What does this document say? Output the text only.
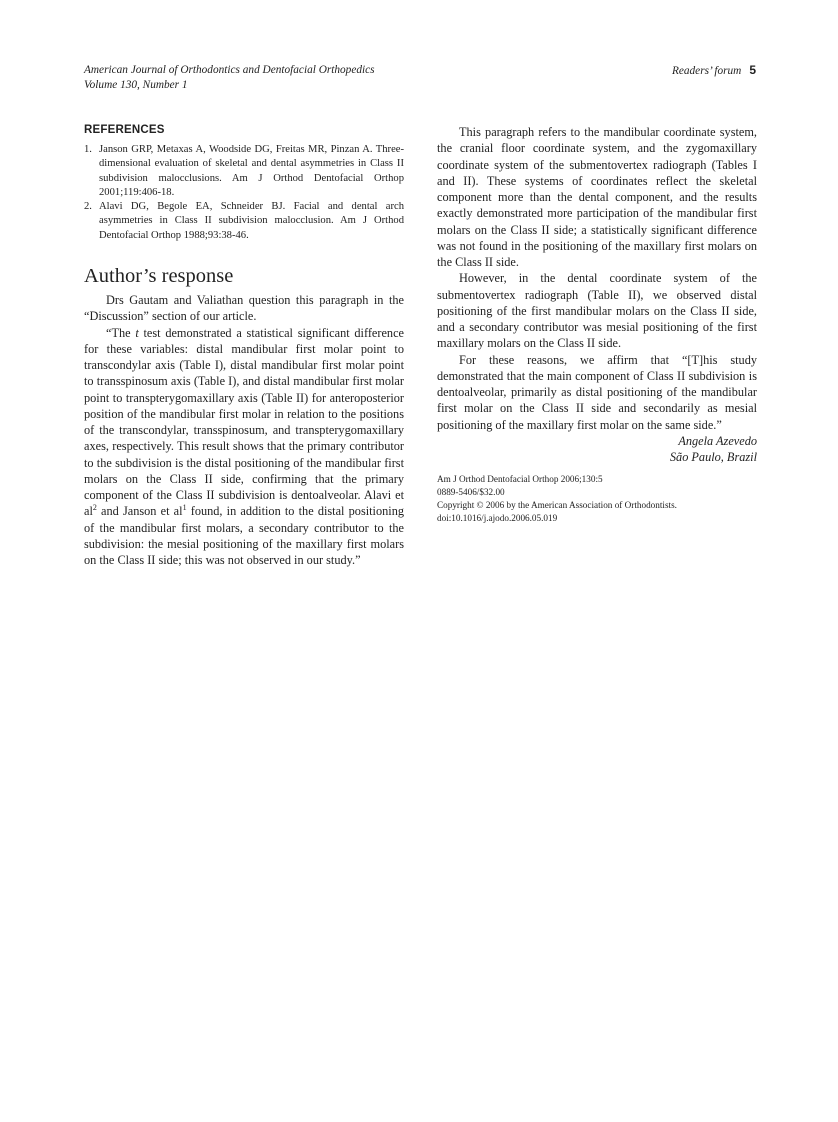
American Journal of Orthodontics and Dentofacial Orthopedics
Volume 130, Number 1
Readers’ forum 5
REFERENCES
1. Janson GRP, Metaxas A, Woodside DG, Freitas MR, Pinzan A. Three-dimensional evaluation of skeletal and dental asymmetries in Class II subdivision malocclusions. Am J Orthod Dentofacial Orthop 2001;119:406-18.
2. Alavi DG, Begole EA, Schneider BJ. Facial and dental arch asymmetries in Class II subdivision malocclusion. Am J Orthod Dentofacial Orthop 1988;93:38-46.
Author’s response

Drs Gautam and Valiathan question this paragraph in the “Discussion” section of our article.

“The t test demonstrated a statistical significant difference for these variables: distal mandibular first molar point to transcondylar axis (Table I), distal mandibular first molar point to transspinosum axis (Table I), and distal mandibular first molar point to transpterygomaxillary axis (Table II) for anteroposterior position of the mandibular first molar in relation to the positions of the transcondylar, transspinosum, and transpterygomaxillary axes, respectively. This result shows that the primary contributor to the subdivision is the distal positioning of the mandibular first molars on the Class II side, confirming that the primary component of the Class II subdivision is dentoalveolar. Alavi et $al^2$ and Janson et $al^1$ found, in addition to the distal positioning of the mandibular first molars, a secondary contributor to the subdivision: the mesial positioning of the maxillary first molars on the Class II side; this was not observed in our study.”

This paragraph refers to the mandibular coordinate system, the cranial floor coordinate system, and the zygomaxillary coordinate system of the submentovertex radiograph (Tables I and II). These systems of coordinates reflect the skeletal component more than the dental component, and the results exactly demonstrated more participation of the mandibular first molars on the Class II side; a statistically significant difference was not found in the positioning of the maxillary first molars on the Class II side.

However, in the dental coordinate system of the submentovertex radiograph (Table II), we observed distal positioning of the first mandibular molars on the Class II side, and a secondary contributor was mesial positioning of the first maxillary molars on the Class II side.

For these reasons, we affirm that “[T]his study demonstrated that the main component of Class II subdivision is dentoalveolar, primarily as distal positioning of the mandibular first molar on the Class II side and secondarily as mesial positioning of the maxillary first molar on the same side.”

Angela Azevedo
São Paulo, Brazil
Am J Orthod Dentofacial Orthop 2006;130:5
0889-5406/$32.00
Copyright © 2006 by the American Association of Orthodontists.
doi:10.1016/j.ajodo.2006.05.019
